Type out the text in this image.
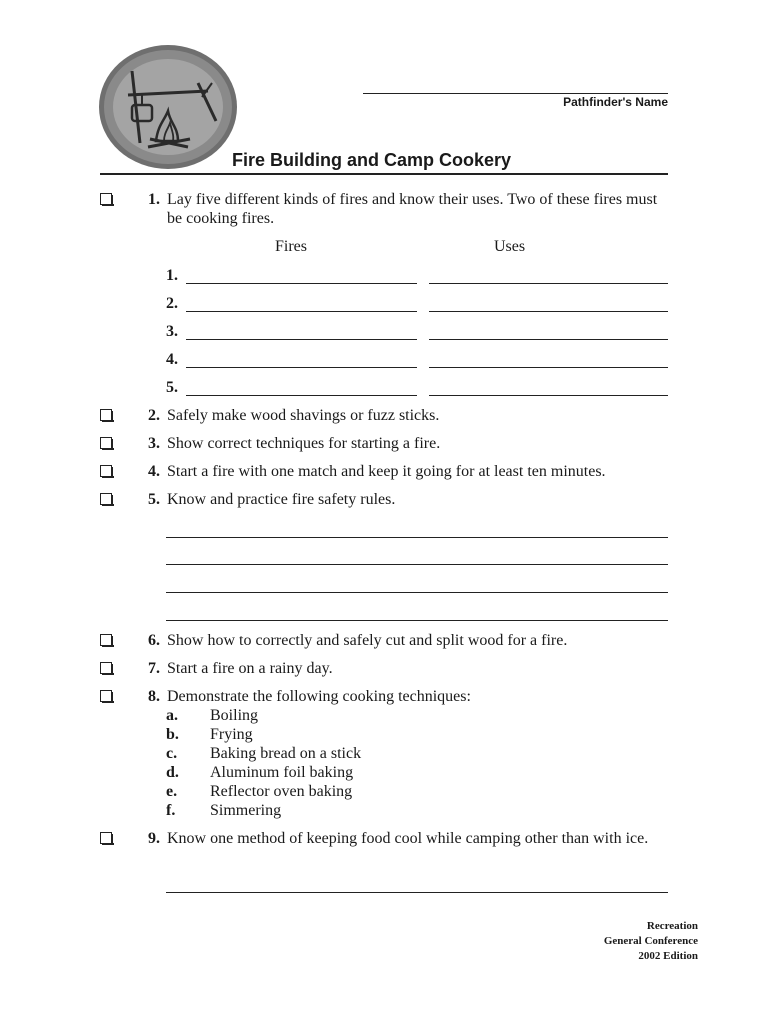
Pathfinder's Name
Fire Building and Camp Cookery
1. Lay five different kinds of fires and know their uses. Two of these fires must be cooking fires.
Fires	Uses
1.
2.
3.
4.
5.
2. Safely make wood shavings or fuzz sticks.
3. Show correct techniques for starting a fire.
4. Start a fire with one match and keep it going for at least ten minutes.
5. Know and practice fire safety rules.
6. Show how to correctly and safely cut and split wood for a fire.
7. Start a fire on a rainy day.
8. Demonstrate the following cooking techniques:
a. Boiling
b. Frying
c. Baking bread on a stick
d. Aluminum foil baking
e. Reflector oven baking
f. Simmering
9. Know one method of keeping food cool while camping other than with ice.
Recreation
General Conference
2002 Edition
